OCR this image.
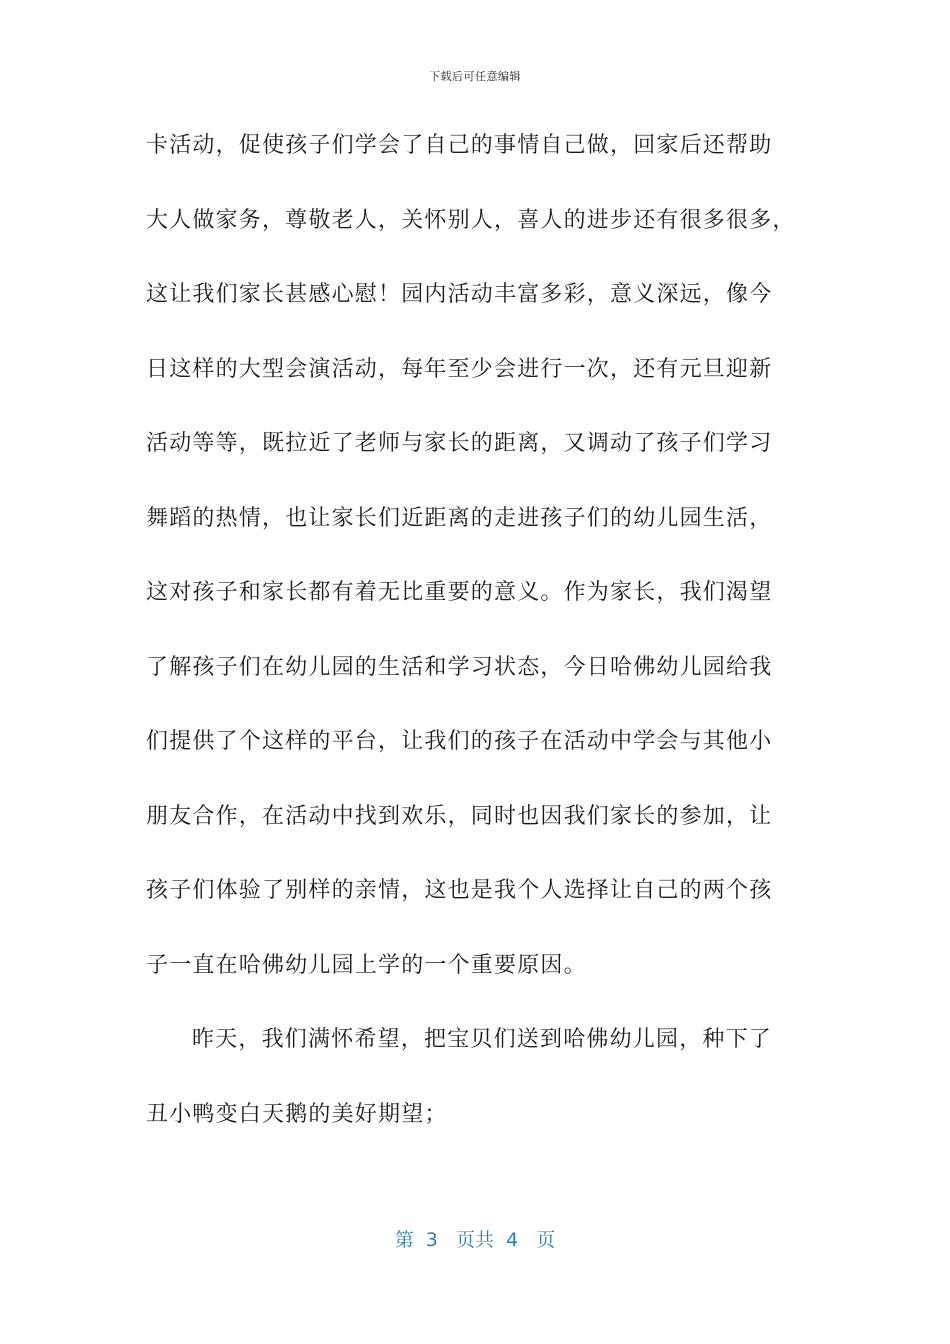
下载后可任意编辑
卡活动，促使孩子们学会了自己的事情自己做，回家后还帮助
大人做家务，尊敬老人，关怀别人，喜人的进步还有很多很多，
这让我们家长甚感心慰！园内活动丰富多彩，意义深远，像今
日这样的大型会演活动，每年至少会进行一次，还有元旦迎新
活动等等，既拉近了老师与家长的距离，又调动了孩子们学习
舞蹈的热情，也让家长们近距离的走进孩子们的幼儿园生活，
这对孩子和家长都有着无比重要的意义。作为家长，我们渴望
了解孩子们在幼儿园的生活和学习状态，今日哈佛幼儿园给我
们提供了个这样的平台，让我们的孩子在活动中学会与其他小
朋友合作，在活动中找到欢乐，同时也因我们家长的参加，让
孩子们体验了别样的亲情，这也是我个人选择让自己的两个孩
子一直在哈佛幼儿园上学的一个重要原因。
昨天，我们满怀希望，把宝贝们送到哈佛幼儿园，种下了
丑小鸭变白天鹅的美好期望；
第  3   页共  4   页
